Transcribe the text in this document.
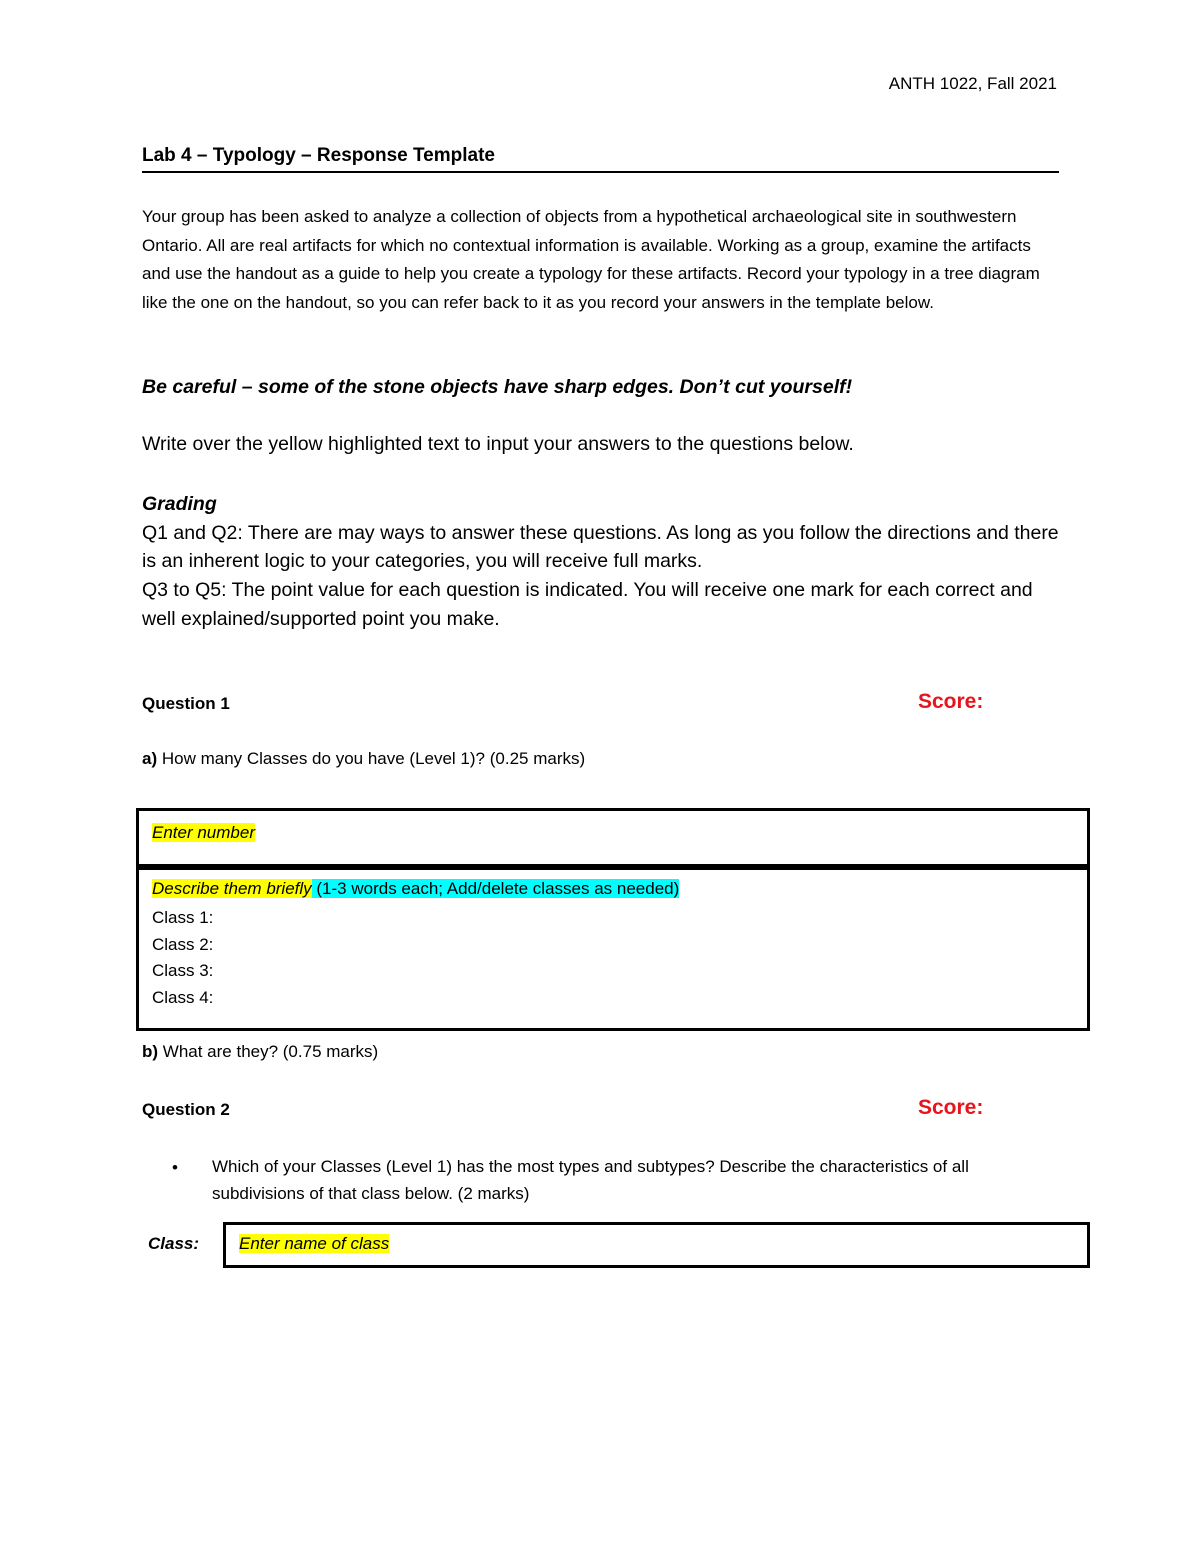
ANTH 1022, Fall 2021
Lab 4 – Typology – Response Template
Your group has been asked to analyze a collection of objects from a hypothetical archaeological site in southwestern Ontario. All are real artifacts for which no contextual information is available. Working as a group, examine the artifacts and use the handout as a guide to help you create a typology for these artifacts. Record your typology in a tree diagram like the one on the handout, so you can refer back to it as you record your answers in the template below.
Be careful – some of the stone objects have sharp edges. Don’t cut yourself!
Write over the yellow highlighted text to input your answers to the questions below.
Grading
Q1 and Q2: There are may ways to answer these questions. As long as you follow the directions and there is an inherent logic to your categories, you will receive full marks.
Q3 to Q5: The point value for each question is indicated. You will receive one mark for each correct and well explained/supported point you make.
Question 1	Score:
a) How many Classes do you have (Level 1)? (0.25 marks)
Enter number
Describe them briefly (1-3 words each; Add/delete classes as needed)
Class 1:
Class 2:
Class 3:
Class 4:
b) What are they? (0.75 marks)
Question 2	Score:
• Which of your Classes (Level 1) has the most types and subtypes? Describe the characteristics of all subdivisions of that class below. (2 marks)
Class: Enter name of class
